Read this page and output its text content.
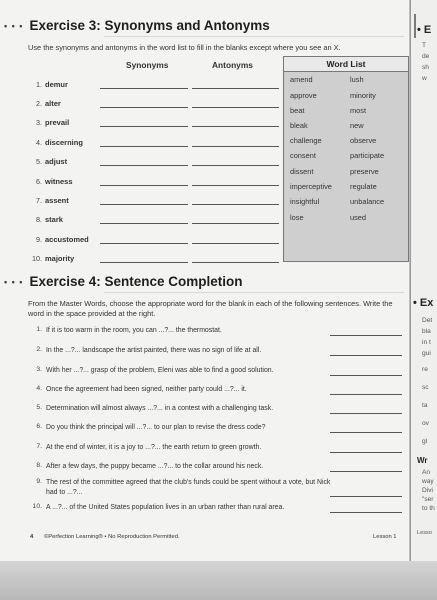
• • • Exercise 3: Synonyms and Antonyms
Use the synonyms and antonyms in the word list to fill in the blanks except where you see an X.
Synonyms	Antonyms
1. demur
2. alter
3. prevail
4. discerning
5. adjust
6. witness
7. assent
8. stark
9. accustomed
10. majority
Word List
amend
approve
beat
bleak
challenge
consent
dissent
imperceptive
insightful
lose
lush
minority
most
new
observe
participate
preserve
regulate
unbalance
used
• • • Exercise 4: Sentence Completion
From the Master Words, choose the appropriate word for the blank in each of the following sentences. Write the word in the space provided at the right.
1. If it is too warm in the room, you can ...?... the thermostat.
2. In the ...?... landscape the artist painted, there was no sign of life at all.
3. With her ...?... grasp of the problem, Eleni was able to find a good solution.
4. Once the agreement had been signed, neither party could ...?... it.
5. Determination will almost always ...?... in a contest with a challenging task.
6. Do you think the principal will ...?... to our plan to revise the dress code?
7. At the end of winter, it is a joy to ...?... the earth return to green growth.
8. After a few days, the puppy became ...?... to the collar around his neck.
9. The rest of the committee agreed that the club's funds could be spent without a vote, but Nick had to ...?...
10. A ...?... of the United States population lives in an urban rather than rural area.
4 ©Perfection Learning® • No Reproduction Permitted.	Lesson 1
• E
T
de
sh
w
• Ex
Det
bla
in t
gui
re
sc
ta
ov
gl
Wr
An
way
Divi
"ser
to th
Lesso
